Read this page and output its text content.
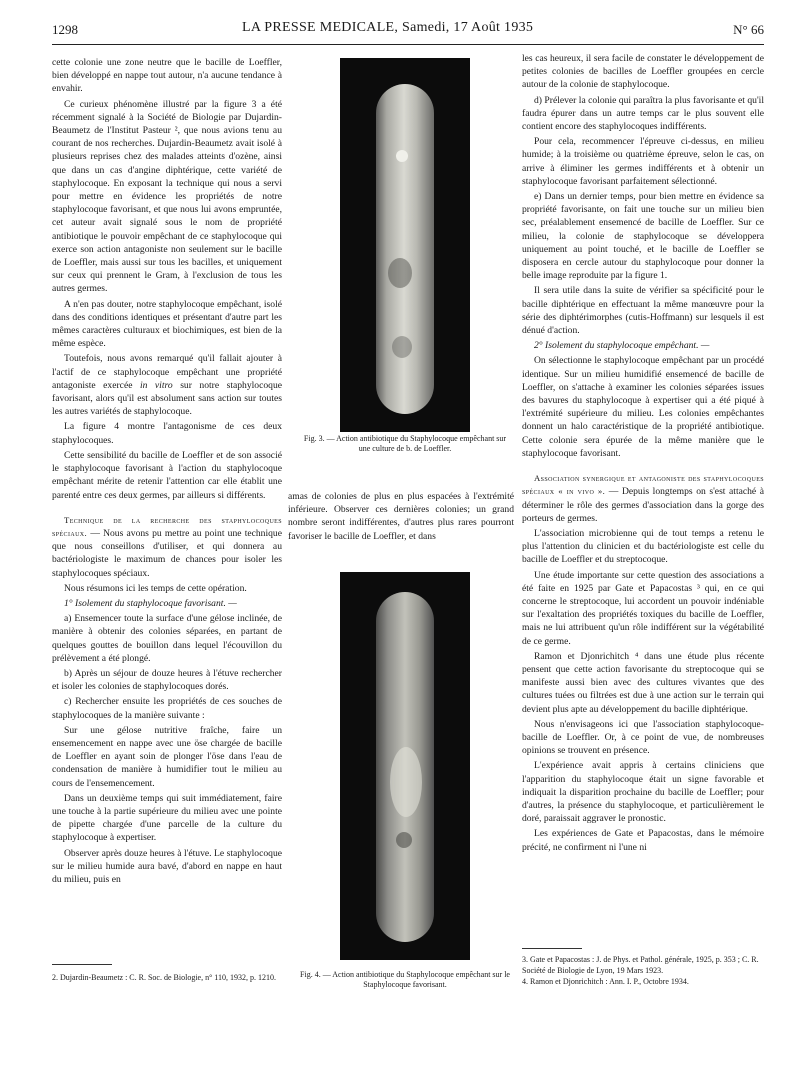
1298	LA PRESSE MEDICALE, Samedi, 17 Août 1935	N° 66

cette colonie une zone neutre que le bacille de Loeffler, bien développé en nappe tout autour, n'a aucune tendance à envahir.

Ce curieux phénomène illustré par la figure 3 a été récemment signalé à la Société de Biologie par Dujardin-Beaumetz de l'Institut Pasteur ², que nous avions tenu au courant de nos recherches. Dujardin-Beaumetz avait isolé à plusieurs reprises chez des malades atteints d'ozène, ainsi que dans un cas d'angine diphtérique, cette variété de staphylocoque. En exposant la technique qui nous a servi pour mettre en évidence les propriétés de notre staphylocoque favorisant, et que nous lui avons empruntée, cet auteur avait signalé sous le nom de propriété antibiotique le pouvoir empêchant de ce staphylocoque qui exerce son action antagoniste non seulement sur le bacille de Loeffler, mais aussi sur tous les bacilles, et uniquement sur ceux qui prennent le Gram, à l'exclusion de tous les autres germes.

A n'en pas douter, notre staphylocoque empêchant, isolé dans des conditions identiques et présentant d'autre part les mêmes caractères culturaux et biochimiques, est bien de la même espèce.

Toutefois, nous avons remarqué qu'il fallait ajouter à l'actif de ce staphylocoque empêchant une propriété antagoniste exercée in vitro sur notre staphylocoque favorisant, alors qu'il est absolument sans action sur toutes les autres variétés de staphylocoque.

La figure 4 montre l'antagonisme de ces deux staphylocoques.

Cette sensibilité du bacille de Loeffler et de son associé le staphylocoque favorisant à l'action du staphylocoque empêchant mérite de retenir l'attention car elle établit une parenté entre ces deux germes, par ailleurs si différents.

Technique de la recherche des staphylocoques spéciaux. — Nous avons pu mettre au point une technique que nous conseillons d'utiliser, et qui donnera au bactériologiste le maximum de chances pour isoler les staphylocoques spéciaux.

Nous résumons ici les temps de cette opération.

1° Isolement du staphylocoque favorisant. —

a) Ensemencer toute la surface d'une gélose inclinée, de manière à obtenir des colonies séparées, en partant de quelques gouttes de bouillon dans lequel l'écouvillon du prélèvement a été plongé.

b) Après un séjour de douze heures à l'étuve rechercher et isoler les colonies de staphylocoques dorés.

c) Rechercher ensuite les propriétés de ces souches de staphylocoques de la manière suivante :

Sur une gélose nutritive fraîche, faire un ensemencement en nappe avec une öse chargée de bacille de Loeffler en ayant soin de plonger l'öse dans l'eau de condensation de manière à humidifier tout le milieu au cours de l'ensemencement.

Dans un deuxième temps qui suit immédiatement, faire une touche à la partie supérieure du milieu avec une pointe de pipette chargée d'une parcelle de la culture du staphylocoque à expertiser.

Observer après douze heures à l'étuve. Le staphylocoque sur le milieu humide aura bavé, d'abord en nappe en haut du milieu, puis en

Fig. 3. — Action antibiotique du Staphylocoque empêchant sur une culture de b. de Loeffler.

amas de colonies de plus en plus espacées à l'extrémité inférieure. Observer ces dernières colonies; un grand nombre seront indifférentes, d'autres plus rares pourront favoriser le bacille de Loeffler, et dans

Fig. 4. — Action antibiotique du Staphylocoque empêchant sur le Staphylocoque favorisant.

les cas heureux, il sera facile de constater le développement de petites colonies de bacilles de Loeffler groupées en cercle autour de la colonie de staphylocoque.

d) Prélever la colonie qui paraîtra la plus favorisante et qu'il faudra épurer dans un autre temps car le plus souvent elle contient encore des staphylocoques indifférents.

Pour cela, recommencer l'épreuve ci-dessus, en milieu humide; à la troisième ou quatrième épreuve, selon le cas, on arrive à éliminer les germes indifférents et à obtenir un staphylocoque favorisant parfaitement sélectionné.

e) Dans un dernier temps, pour bien mettre en évidence sa propriété favorisante, on fait une touche sur un milieu bien sec, préalablement ensemencé de bacille de Loeffler. Sur ce milieu, la colonie de staphylocoque se développera uniquement au point touché, et le bacille de Loeffler se disposera en cercle autour du staphylocoque pour donner la belle image reproduite par la figure 1.

Il sera utile dans la suite de vérifier sa spécificité pour le bacille diphtérique en effectuant la même manœuvre pour la série des diphtérimorphes (cutis-Hoffmann) sur lesquels il est dénué d'action.

2° Isolement du staphylocoque empêchant. —

On sélectionne le staphylocoque empêchant par un procédé identique. Sur un milieu humidifié ensemencé de bacille de Loeffler, on s'attache à examiner les colonies séparées issues des bavures du staphylocoque à expertiser qui a été piqué à l'extrémité supérieure du milieu. Les colonies empêchantes donnent un halo caractéristique de la propriété antibiotique. Cette colonie sera épurée de la même manière que le staphylocoque favorisant.

Association synergique et antagoniste des staphylocoques spéciaux « in vivo ». — Depuis longtemps on s'est attaché à déterminer le rôle des germes d'association dans la gorge des porteurs de germes.

L'association microbienne qui de tout temps a retenu le plus l'attention du clinicien et du bactériologiste est celle du bacille de Loeffler et du streptocoque.

Une étude importante sur cette question des associations a été faite en 1925 par Gate et Papacostas ³ qui, en ce qui concerne le streptocoque, lui accordent un pouvoir indéniable sur l'exaltation des propriétés toxiques du bacille de Loeffler, mais ne lui attribuent qu'un rôle indifférent sur la végétabilité de ce germe.

Ramon et Djonrichitch ⁴ dans une étude plus récente pensent que cette action favorisante du streptocoque qui se manifeste aussi bien avec des cultures vivantes que des cultures tuées ou filtrées est due à une action sur le terrain qui devient plus apte au développement du bacille diphtérique.

Nous n'envisageons ici que l'association staphylocoque-bacille de Loeffler. Or, à ce point de vue, de nombreuses opinions se trouvent en présence.

L'expérience avait appris à certains cliniciens que l'apparition du staphylocoque était un signe favorable et indiquait la disparition prochaine du bacille de Loeffler; pour d'autres, la présence du staphylocoque, et particulièrement le doré, paraissait aggraver le pronostic.

Les expériences de Gate et Papacostas, dans le mémoire précité, ne confirment ni l'une ni

2. Dujardin-Beaumetz : C. R. Soc. de Biologie, n° 110, 1932, p. 1210.
3. Gate et Papacostas : J. de Phys. et Pathol. générale, 1925, p. 353 ; C. R. Société de Biologie de Lyon, 19 Mars 1923.
4. Ramon et Djonrichitch : Ann. I. P., Octobre 1934.
